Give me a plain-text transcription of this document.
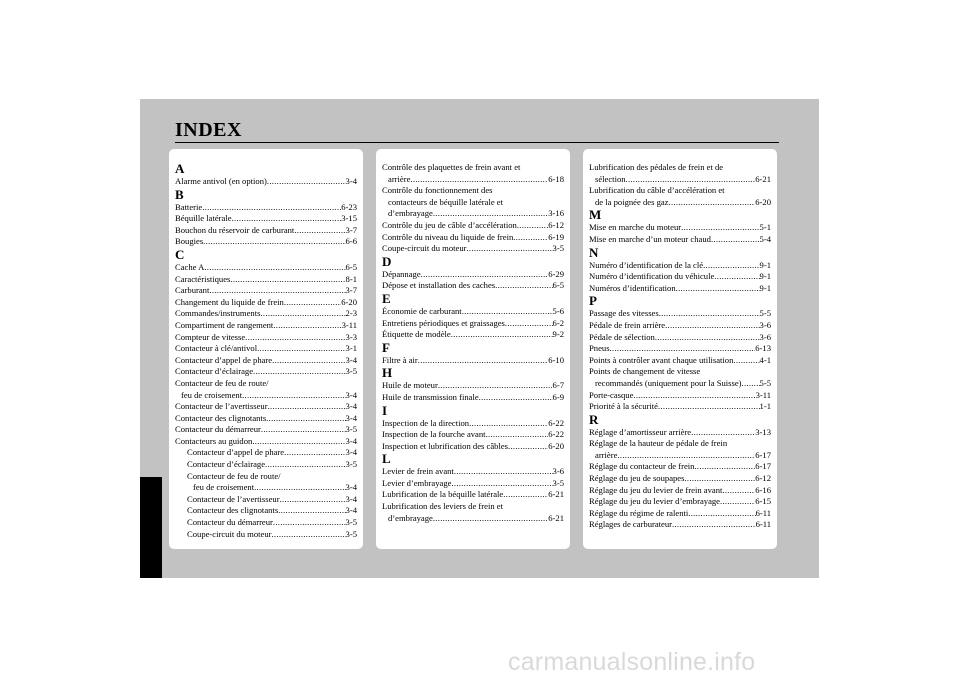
INDEX
A
Alarme antivol (en option) .....	3-4
B
Batterie .....	6-23
Béquille latérale .....	3-15
Bouchon du réservoir de carburant .....	3-7
Bougies .....	6-6
C
Cache A .....	6-5
Caractéristiques .....	8-1
Carburant .....	3-7
Changement du liquide de frein .....	6-20
Commandes/instruments .....	2-3
Compartiment de rangement .....	3-11
Compteur de vitesse .....	3-3
Contacteur à clé/antivol .....	3-1
Contacteur d’appel de phare .....	3-4
Contacteur d’éclairage .....	3-5
Contacteur de feu de route/
feu de croisement .....	3-4
Contacteur de l’avertisseur .....	3-4
Contacteur des clignotants .....	3-4
Contacteur du démarreur .....	3-5
Contacteurs au guidon .....	3-4
Contacteur d’appel de phare .....	3-4
Contacteur d’éclairage .....	3-5
Contacteur de feu de route/
feu de croisement .....	3-4
Contacteur de l’avertisseur .....	3-4
Contacteur des clignotants .....	3-4
Contacteur du démarreur .....	3-5
Coupe-circuit du moteur .....	3-5
Contrôle des plaquettes de frein avant et
arrière .....	6-18
Contrôle du fonctionnement des
contacteurs de béquille latérale et
d’embrayage .....	3-16
Contrôle du jeu de câble d’accélération .....	6-12
Contrôle du niveau du liquide de frein .....	6-19
Coupe-circuit du moteur .....	3-5
D
Dépannage .....	6-29
Dépose et installation des caches .....	6-5
E
Économie de carburant .....	5-6
Entretiens périodiques et graissages .....	6-2
Étiquette de modèle .....	9-2
F
Filtre à air .....	6-10
H
Huile de moteur .....	6-7
Huile de transmission finale .....	6-9
I
Inspection de la direction .....	6-22
Inspection de la fourche avant .....	6-22
Inspection et lubrification des câbles .....	6-20
L
Levier de frein avant .....	3-6
Levier d’embrayage .....	3-5
Lubrification de la béquille latérale .....	6-21
Lubrification des leviers de frein et
d’embrayage .....	6-21
Lubrification des pédales de frein et de
sélection .....	6-21
Lubrification du câble d’accélération et
de la poignée des gaz .....	6-20
M
Mise en marche du moteur .....	5-1
Mise en marche d’un moteur chaud .....	5-4
N
Numéro d’identification de la clé .....	9-1
Numéro d’identification du véhicule .....	9-1
Numéros d’identification .....	9-1
P
Passage des vitesses .....	5-5
Pédale de frein arrière .....	3-6
Pédale de sélection .....	3-6
Pneus .....	6-13
Points à contrôler avant chaque utilisation .....	4-1
Points de changement de vitesse
recommandés (uniquement pour la Suisse) ..... 5-5
Porte-casque .....	3-11
Priorité à la sécurité .....	1-1
R
Réglage d’amortisseur arrière .....	3-13
Réglage de la hauteur de pédale de frein
arrière .....	6-17
Réglage du contacteur de frein .....	6-17
Réglage du jeu de soupapes .....	6-12
Réglage du jeu du levier de frein avant .....	6-16
Réglage du jeu du levier d’embrayage .....	6-15
Réglage du régime de ralenti .....	6-11
Réglages de carburateur .....	6-11
carmanualsonline.info
